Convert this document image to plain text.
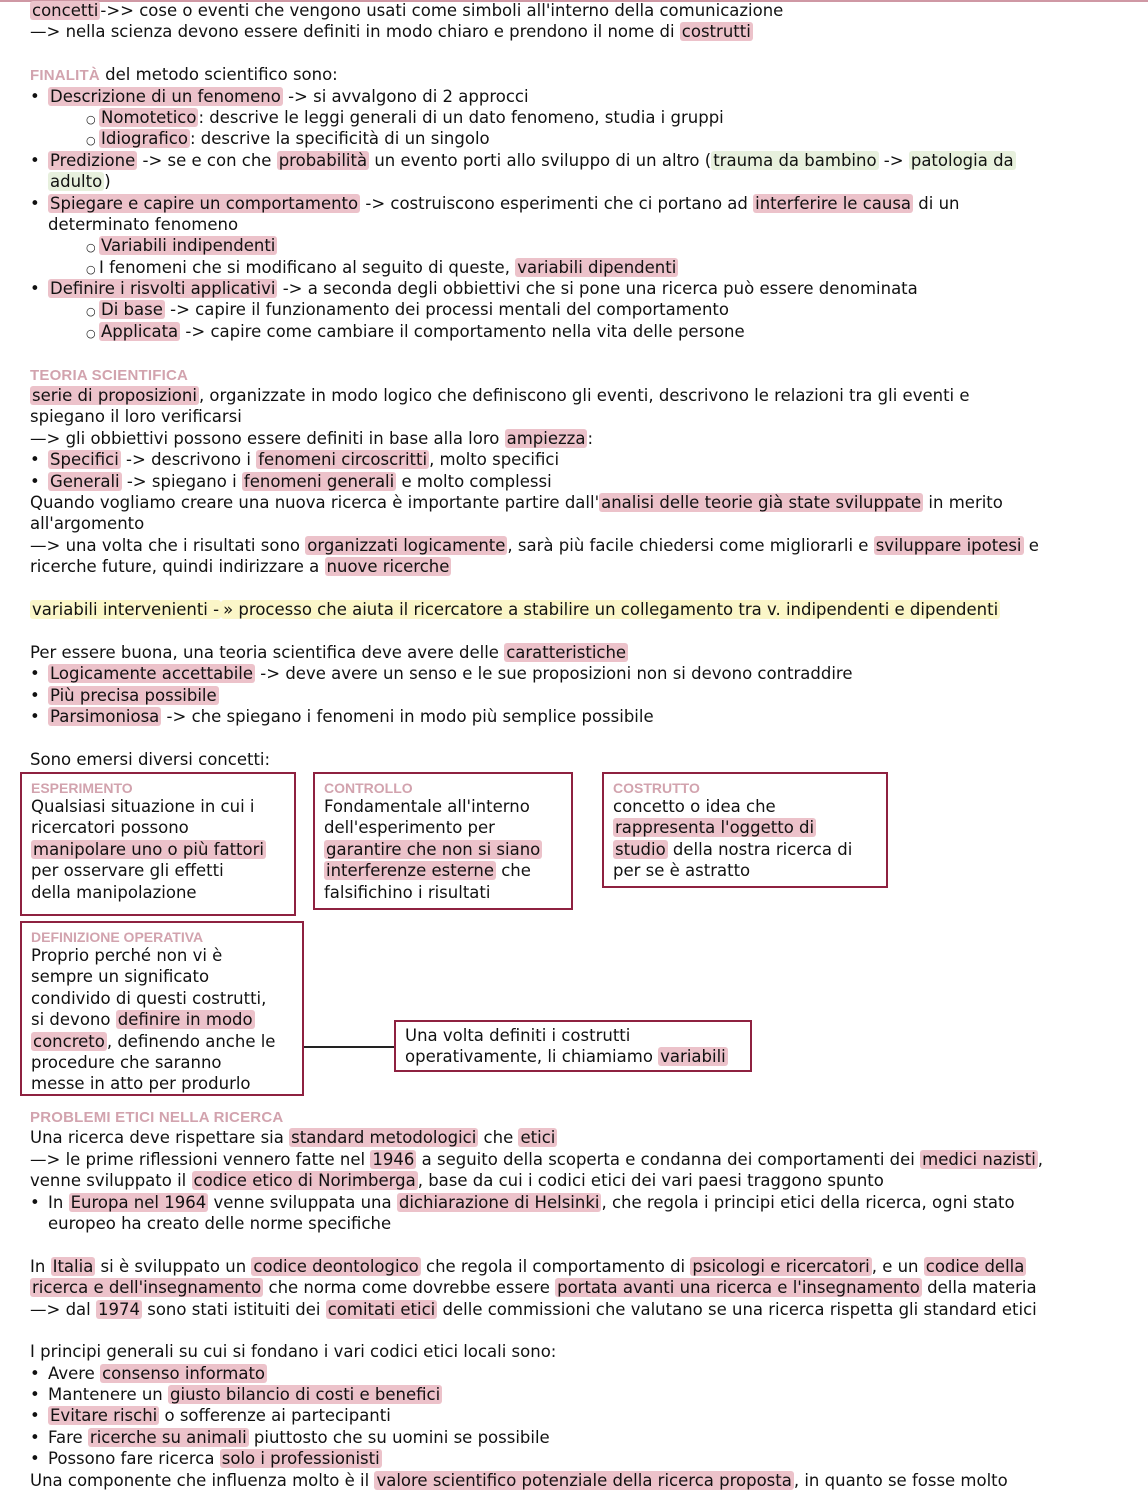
concetti ->> cose o eventi che vengono usati come simboli all'interno della comunicazione
—> nella scienza devono essere definiti in modo chiaro e prendono il nome di costrutti
FINALITÀ del metodo scientifico sono:
• Descrizione di un fenomeno -> si avvalgono di 2 approcci
○ Nomotetico : descrive le leggi generali di un dato fenomeno, studia i gruppi
○ Idiografico : descrive la specificità di un singolo
• Predizione -> se e con che probabilità un evento porti allo sviluppo di un altro ( trauma da bambino -> patologia da
adulto )
• Spiegare e capire un comportamento -> costruiscono esperimenti che ci portano ad interferire le causa di un
determinato fenomeno
○ Variabili indipendenti
○ I fenomeni che si modificano al seguito di queste, variabili dipendenti
• Definire i risvolti applicativi -> a seconda degli obbiettivi che si pone una ricerca può essere denominata
○ Di base -> capire il funzionamento dei processi mentali del comportamento
○ Applicata -> capire come cambiare il comportamento nella vita delle persone
TEORIA SCIENTIFICA
serie di proposizioni , organizzate in modo logico che definiscono gli eventi, descrivono le relazioni tra gli eventi e
spiegano il loro verificarsi
—> gli obbiettivi possono essere definiti in base alla loro ampiezza :
• Specifici -> descrivono i fenomeni circoscritti , molto specifici
• Generali -> spiegano i fenomeni generali e molto complessi
Quando vogliamo creare una nuova ricerca è importante partire dall' analisi delle teorie già state sviluppate in merito
all'argomento
—> una volta che i risultati sono organizzati logicamente , sarà più facile chiedersi come migliorarli e sviluppare ipotesi e
ricerche future, quindi indirizzare a nuove ricerche
variabili intervenienti - » processo che aiuta il ricercatore a stabilire un collegamento tra v. indipendenti e dipendenti
Per essere buona, una teoria scientifica deve avere delle caratteristiche
• Logicamente accettabile -> deve avere un senso e le sue proposizioni non si devono contraddire
• Più precisa possibile
• Parsimoniosa -> che spiegano i fenomeni in modo più semplice possibile
Sono emersi diversi concetti:
ESPERIMENTO
Qualsiasi situazione in cui i
ricercatori possono
manipolare uno o più fattori
per osservare gli effetti
della manipolazione
CONTROLLO
Fondamentale all'interno
dell'esperimento per
garantire che non si siano
interferenze esterne che
falsifichino i risultati
COSTRUTTO
concetto o idea che
rappresenta l'oggetto di
studio della nostra ricerca di
per se è astratto
DEFINIZIONE OPERATIVA
Proprio perché non vi è
sempre un significato
condivido di questi costrutti,
si devono definire in modo
concreto , definendo anche le
procedure che saranno
messe in atto per produrlo
Una volta definiti i costrutti
operativamente, li chiamiamo variabili
PROBLEMI ETICI NELLA RICERCA
Una ricerca deve rispettare sia standard metodologici che etici
—> le prime riflessioni vennero fatte nel 1946 a seguito della scoperta e condanna dei comportamenti dei medici nazisti ,
venne sviluppato il codice etico di Norimberga , base da cui i codici etici dei vari paesi traggono spunto
• In Europa nel 1964 venne sviluppata una dichiarazione di Helsinki , che regola i principi etici della ricerca, ogni stato
europeo ha creato delle norme specifiche
In Italia si è sviluppato un codice deontologico che regola il comportamento di psicologi e ricercatori , e un codice della
ricerca e dell'insegnamento che norma come dovrebbe essere portata avanti una ricerca e l'insegnamento della materia
—> dal 1974 sono stati istituiti dei comitati etici delle commissioni che valutano se una ricerca rispetta gli standard etici
I principi generali su cui si fondano i vari codici etici locali sono:
• Avere consenso informato
• Mantenere un giusto bilancio di costi e benefici
• Evitare rischi o sofferenze ai partecipanti
• Fare ricerche su animali piuttosto che su uomini se possibile
• Possono fare ricerca solo i professionisti
Una componente che influenza molto è il valore scientifico potenziale della ricerca proposta , in quanto se fosse molto
